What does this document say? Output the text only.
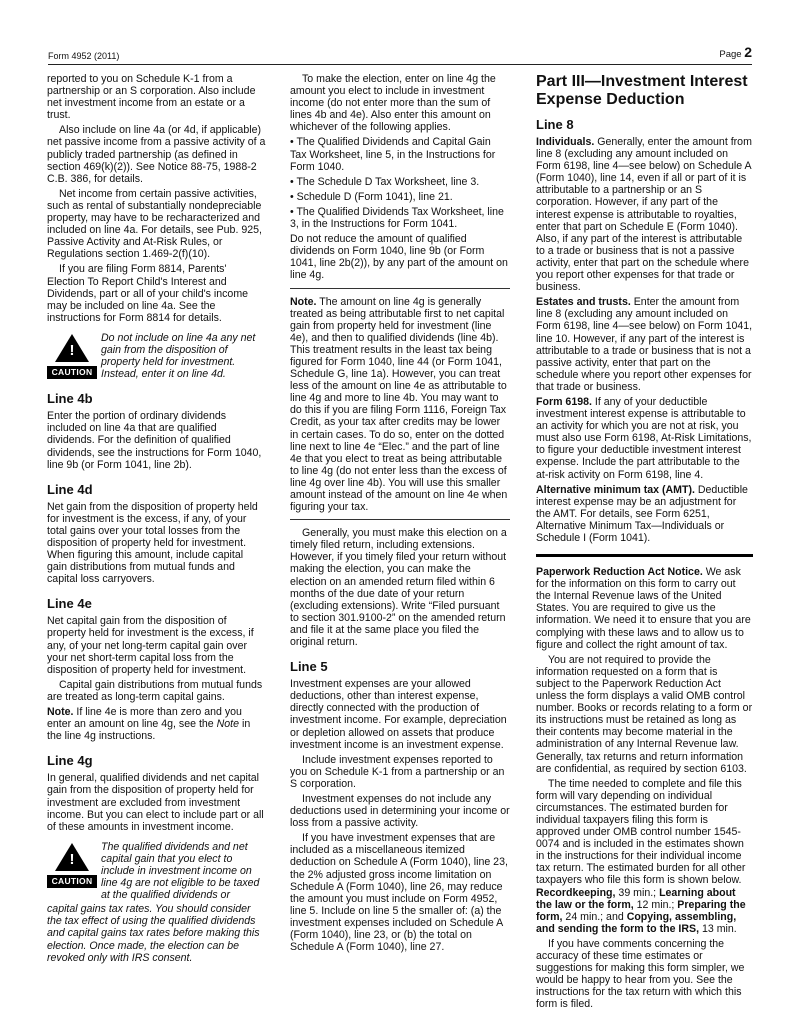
Form 4952 (2011)	Page 2

reported to you on Schedule K-1 from a partnership or an S corporation. Also include net investment income from an estate or a trust.

Also include on line 4a (or 4d, if applicable) net passive income from a passive activity of a publicly traded partnership (as defined in section 469(k)(2)). See Notice 88-75, 1988-2 C.B. 386, for details.

Net income from certain passive activities, such as rental of substantially nondepreciable property, may have to be recharacterized and included on line 4a. For details, see Pub. 925, Passive Activity and At-Risk Rules, or Regulations section 1.469-2(f)(10).

If you are filing Form 8814, Parents' Election To Report Child's Interest and Dividends, part or all of your child's income may be included on line 4a. See the instructions for Form 8814 for details.

!
CAUTION
Do not include on line 4a any net gain from the disposition of property held for investment. Instead, enter it on line 4d.
Line 4b

Enter the portion of ordinary dividends included on line 4a that are qualified dividends. For the definition of qualified dividends, see the instructions for Form 1040, line 9b (or Form 1041, line 2b).

Line 4d

Net gain from the disposition of property held for investment is the excess, if any, of your total gains over your total losses from the disposition of property held for investment. When figuring this amount, include capital gain distributions from mutual funds and capital loss carryovers.

Line 4e

Net capital gain from the disposition of property held for investment is the excess, if any, of your net long-term capital gain over your net short-term capital loss from the disposition of property held for investment.

Capital gain distributions from mutual funds are treated as long-term capital gains.

Note. If line 4e is more than zero and you enter an amount on line 4g, see the Note in the line 4g instructions.

Line 4g

In general, qualified dividends and net capital gain from the disposition of property held for investment are excluded from investment income. But you can elect to include part or all of these amounts in investment income.

!
CAUTION
The qualified dividends and net capital gain that you elect to include in investment income on line 4g are not eligible to be taxed at the qualified dividends or
capital gains tax rates. You should consider the tax effect of using the qualified dividends and capital gains tax rates before making this election. Once made, the election can be revoked only with IRS consent.

To make the election, enter on line 4g the amount you elect to include in investment income (do not enter more than the sum of lines 4b and 4e). Also enter this amount on whichever of the following applies.

• The Qualified Dividends and Capital Gain Tax Worksheet, line 5, in the Instructions for Form 1040.
• The Schedule D Tax Worksheet, line 3.
• Schedule D (Form 1041), line 21.
• The Qualified Dividends Tax Worksheet, line 3, in the Instructions for Form 1041.

Do not reduce the amount of qualified dividends on Form 1040, line 9b (or Form 1041, line 2b(2)), by any part of the amount on line 4g.

Note. The amount on line 4g is generally treated as being attributable first to net capital gain from property held for investment (line 4e), and then to qualified dividends (line 4b). This treatment results in the least tax being figured for Form 1040, line 44 (or Form 1041, Schedule G, line 1a). However, you can treat less of the amount on line 4e as attributable to line 4g and more to line 4b. You may want to do this if you are filing Form 1116, Foreign Tax Credit, as your tax after credits may be lower in certain cases. To do so, enter on the dotted line next to line 4e “Elec.” and the part of line 4e that you elect to treat as being attributable to line 4g (do not enter less than the excess of line 4g over line 4b). You will use this smaller amount instead of the amount on line 4e when figuring your tax.

Generally, you must make this election on a timely filed return, including extensions. However, if you timely filed your return without making the election, you can make the election on an amended return filed within 6 months of the due date of your return (excluding extensions). Write “Filed pursuant to section 301.9100-2” on the amended return and file it at the same place you filed the original return.

Line 5

Investment expenses are your allowed deductions, other than interest expense, directly connected with the production of investment income. For example, depreciation or depletion allowed on assets that produce investment income is an investment expense.

Include investment expenses reported to you on Schedule K-1 from a partnership or an S corporation.

Investment expenses do not include any deductions used in determining your income or loss from a passive activity.

If you have investment expenses that are included as a miscellaneous itemized deduction on Schedule A (Form 1040), line 23, the 2% adjusted gross income limitation on Schedule A (Form 1040), line 26, may reduce the amount you must include on Form 4952, line 5. Include on line 5 the smaller of: (a) the investment expenses included on Schedule A (Form 1040), line 23, or (b) the total on Schedule A (Form 1040), line 27.

Part III—Investment Interest Expense Deduction
Line 8

Individuals. Generally, enter the amount from line 8 (excluding any amount included on Form 6198, line 4—see below) on Schedule A (Form 1040), line 14, even if all or part of it is attributable to a partnership or an S corporation. However, if any part of the interest expense is attributable to royalties, enter that part on Schedule E (Form 1040). Also, if any part of the interest is attributable to a trade or business that is not a passive activity, enter that part on the schedule where you report other expenses for that trade or business.

Estates and trusts. Enter the amount from line 8 (excluding any amount included on Form 6198, line 4—see below) on Form 1041, line 10. However, if any part of the interest is attributable to a trade or business that is not a passive activity, enter that part on the schedule where you report other expenses for that trade or business.

Form 6198. If any of your deductible investment interest expense is attributable to an activity for which you are not at risk, you must also use Form 6198, At-Risk Limitations, to figure your deductible investment interest expense. Include the part attributable to the at-risk activity on Form 6198, line 4.

Alternative minimum tax (AMT). Deductible interest expense may be an adjustment for the AMT. For details, see Form 6251, Alternative Minimum Tax—Individuals or Schedule I (Form 1041).

Paperwork Reduction Act Notice. We ask for the information on this form to carry out the Internal Revenue laws of the United States. You are required to give us the information. We need it to ensure that you are complying with these laws and to allow us to figure and collect the right amount of tax.

You are not required to provide the information requested on a form that is subject to the Paperwork Reduction Act unless the form displays a valid OMB control number. Books or records relating to a form or its instructions must be retained as long as their contents may become material in the administration of any Internal Revenue law. Generally, tax returns and return information are confidential, as required by section 6103.

The time needed to complete and file this form will vary depending on individual circumstances. The estimated burden for individual taxpayers filing this form is approved under OMB control number 1545-0074 and is included in the estimates shown in the instructions for their individual income tax return. The estimated burden for all other taxpayers who file this form is shown below. Recordkeeping, 39 min.; Learning about the law or the form, 12 min.; Preparing the form, 24 min.; and Copying, assembling, and sending the form to the IRS, 13 min.

If you have comments concerning the accuracy of these time estimates or suggestions for making this form simpler, we would be happy to hear from you. See the instructions for the tax return with which this form is filed.
